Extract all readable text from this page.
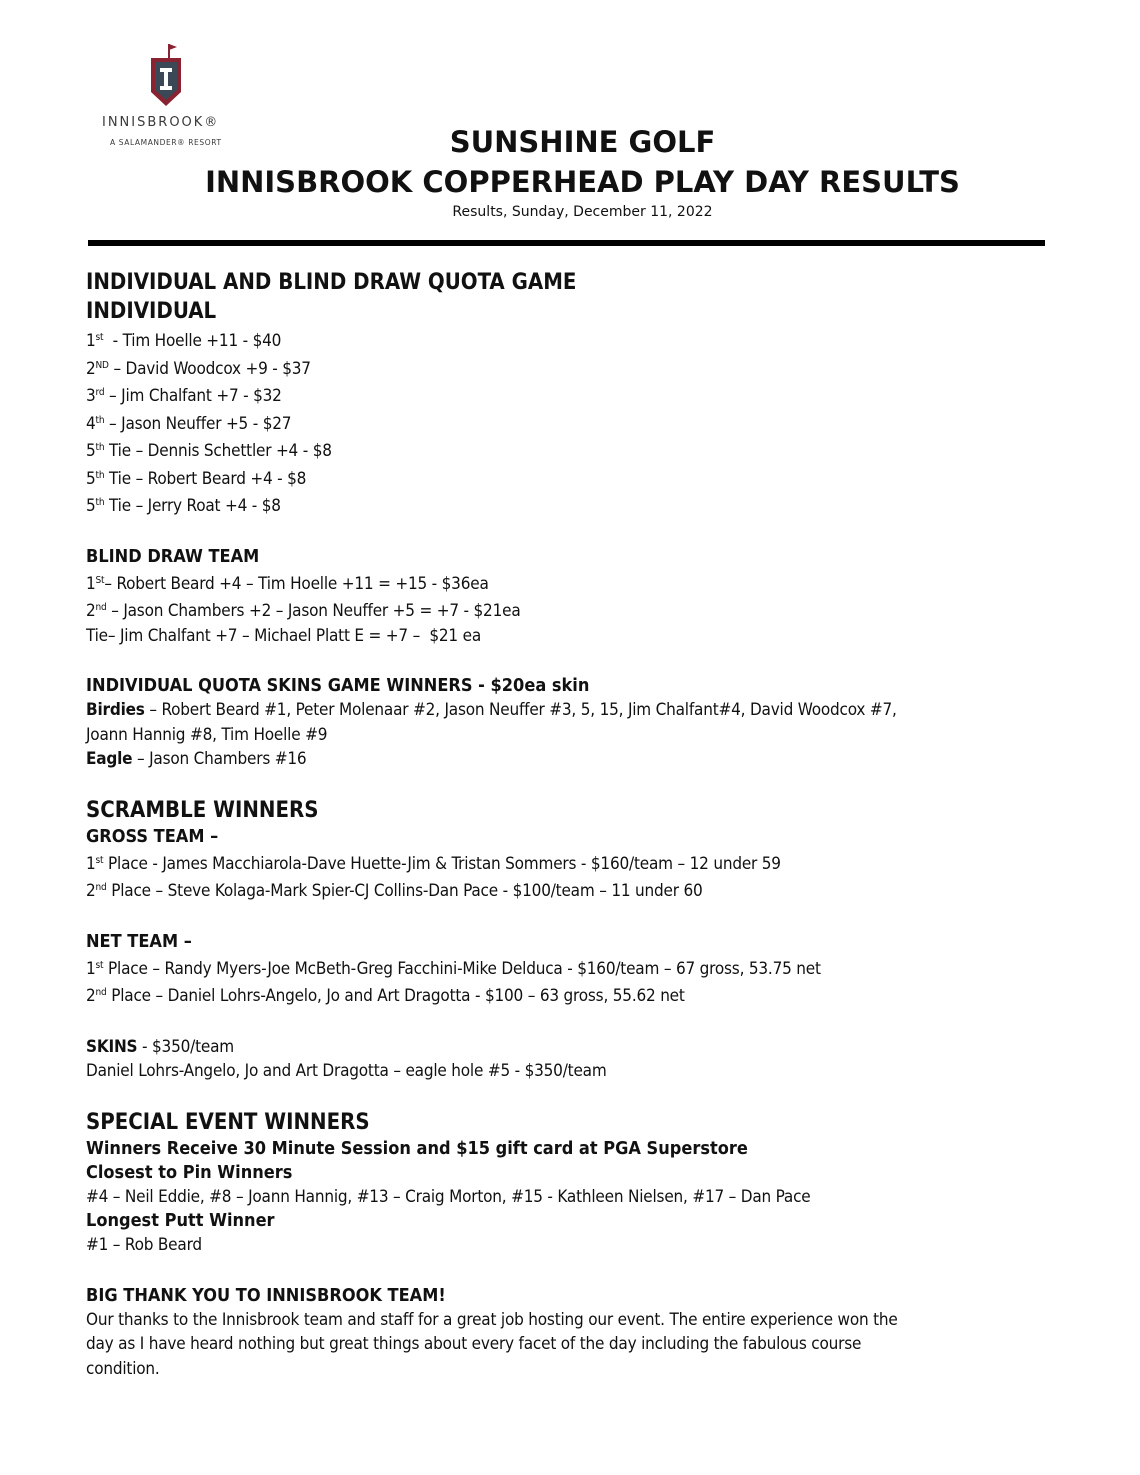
INNISBROOK®
A SALAMANDER® RESORT	SUNSHINE GOLF
INNISBROOK COPPERHEAD PLAY DAY RESULTS
Results, Sunday, December 11, 2022

INDIVIDUAL AND BLIND DRAW QUOTA GAME

INDIVIDUAL

1st  - Tim Hoelle +11 - $40

2ND – David Woodcox +9 - $37

3rd – Jim Chalfant +7 - $32

4th – Jason Neuffer +5 - $27

5th Tie – Dennis Schettler +4 - $8

5th Tie – Robert Beard +4 - $8

5th Tie – Jerry Roat +4 - $8

BLIND DRAW TEAM

1St– Robert Beard +4 – Tim Hoelle +11 = +15 - $36ea

2nd – Jason Chambers +2 – Jason Neuffer +5 = +7 - $21ea

Tie– Jim Chalfant +7 – Michael Platt E = +7 –  $21 ea

INDIVIDUAL QUOTA SKINS GAME WINNERS - $20ea skin

Birdies – Robert Beard #1, Peter Molenaar #2, Jason Neuffer #3, 5, 15, Jim Chalfant#4, David Woodcox #7,

Joann Hannig #8, Tim Hoelle #9

Eagle – Jason Chambers #16

SCRAMBLE WINNERS

GROSS TEAM –

1st Place - James Macchiarola-Dave Huette-Jim & Tristan Sommers - $160/team – 12 under 59

2nd Place – Steve Kolaga-Mark Spier-CJ Collins-Dan Pace - $100/team – 11 under 60

NET TEAM –

1st Place – Randy Myers-Joe McBeth-Greg Facchini-Mike Delduca - $160/team – 67 gross, 53.75 net

2nd Place – Daniel Lohrs-Angelo, Jo and Art Dragotta - $100 – 63 gross, 55.62 net

SKINS - $350/team

Daniel Lohrs-Angelo, Jo and Art Dragotta – eagle hole #5 - $350/team

SPECIAL EVENT WINNERS

Winners Receive 30 Minute Session and $15 gift card at PGA Superstore

Closest to Pin Winners

#4 – Neil Eddie, #8 – Joann Hannig, #13 – Craig Morton, #15 - Kathleen Nielsen, #17 – Dan Pace

Longest Putt Winner

#1 – Rob Beard

BIG THANK YOU TO INNISBROOK TEAM!

Our thanks to the Innisbrook team and staff for a great job hosting our event. The entire experience won the

day as I have heard nothing but great things about every facet of the day including the fabulous course

condition.
